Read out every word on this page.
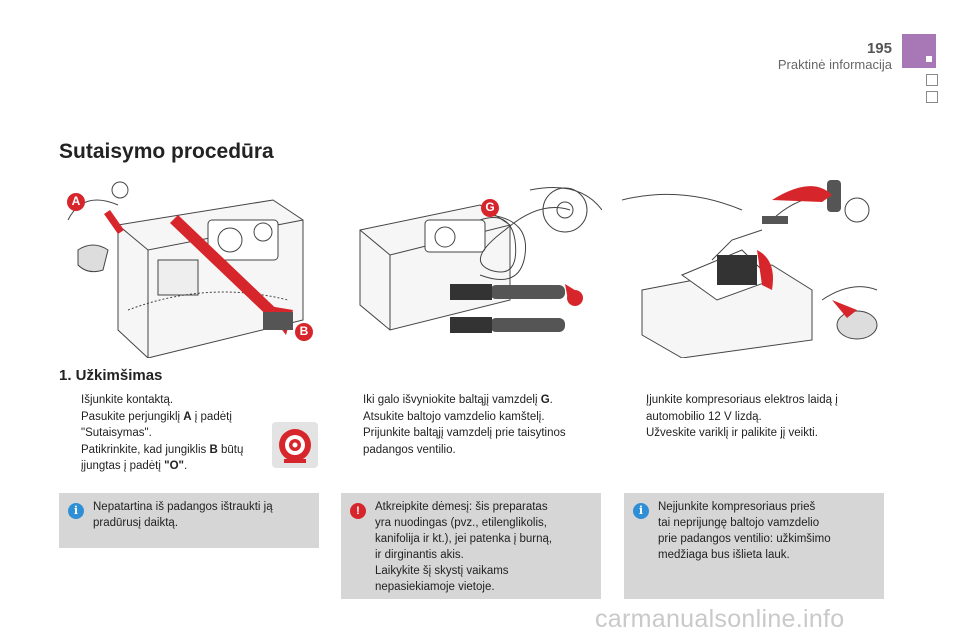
195
Praktinė informacija
Sutaisymo procedūra
A
B
G
1. Užkimšimas
Išjunkite kontaktą.
Pasukite perjungiklį A į padėtį
"Sutaisymas".
Patikrinkite, kad jungiklis B būtų
įjungtas į padėtį "O".
Iki galo išvyniokite baltąjį vamzdelį G.
Atsukite baltojo vamzdelio kamštelį.
Prijunkite baltąjį vamzdelį prie taisytinos
padangos ventilio.
Įjunkite kompresoriaus elektros laidą į
automobilio 12 V lizdą.
Užveskite variklį ir palikite jį veikti.
i	Nepatartina iš padangos ištraukti ją
pradūrusį daiktą.
!	Atkreipkite dėmesį: šis preparatas
yra nuodingas (pvz., etilenglikolis,
kanifolija ir kt.), jei patenka į burną,
ir dirginantis akis.
Laikykite šį skystį vaikams
nepasiekiamoje vietoje.
i	Neįjunkite kompresoriaus prieš
tai neprijungę baltojo vamzdelio
prie padangos ventilio: užkimšimo
medžiaga bus išlieta lauk.
carmanualsonline.info
